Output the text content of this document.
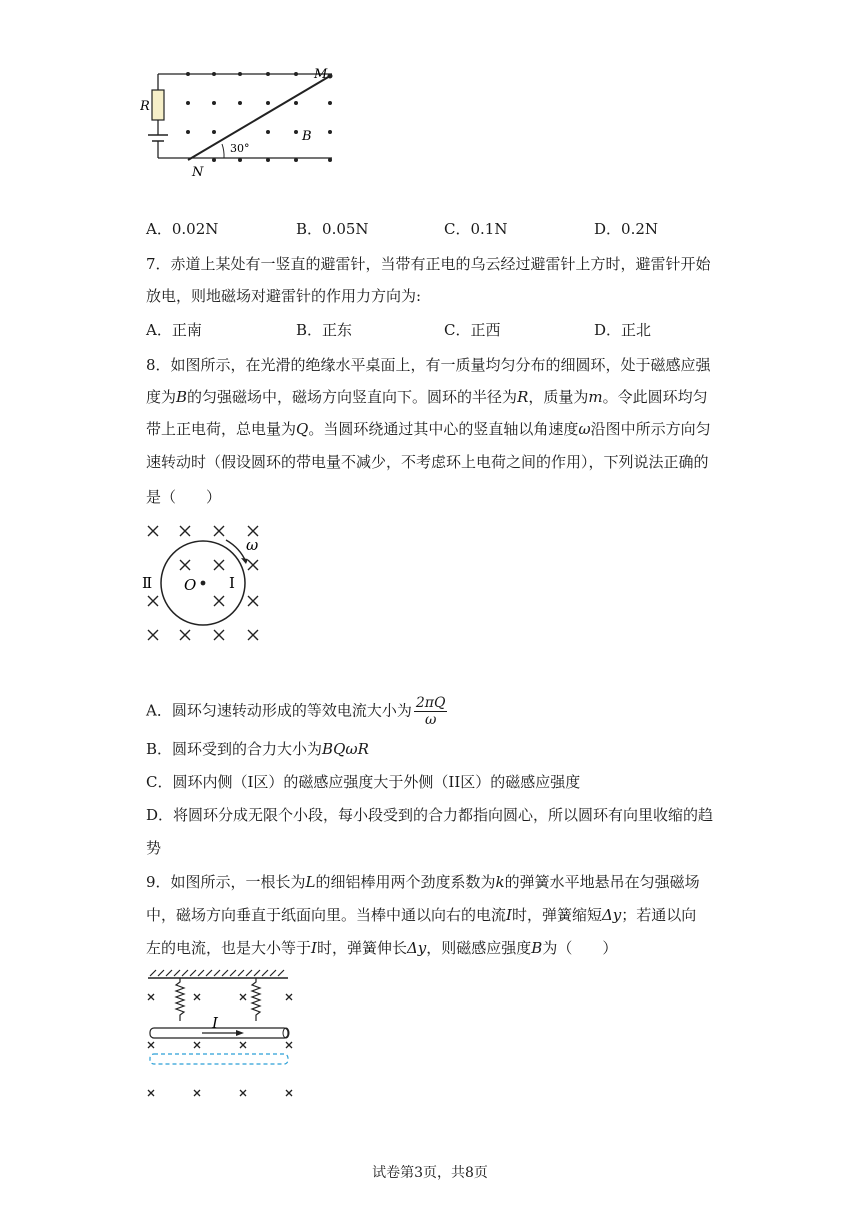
M
N
R
B
30°
A．0.02N	B．0.05N	C．0.1N	D．0.2N
7．赤道上某处有一竖直的避雷针，当带有正电的乌云经过避雷针上方时，避雷针开始
放电，则地磁场对避雷针的作用力方向为:
A．正南	B．正东	C．正西	D．正北
8．如图所示，在光滑的绝缘水平桌面上，有一质量均匀分布的细圆环，处于磁感应强
度为B的匀强磁场中，磁场方向竖直向下。圆环的半径为R，质量为m。令此圆环均匀
带上正电荷，总电量为Q。当圆环绕通过其中心的竖直轴以角速度ω沿图中所示方向匀
速转动时（假设圆环的带电量不减少，不考虑环上电荷之间的作用），下列说法正确的
是（　　）
ω
O Ⅰ
Ⅱ
A．圆环匀速转动形成的等效电流大小为 $\frac{2\pi Q}{\omega}$
B．圆环受到的合力大小为BQωR
C．圆环内侧（I区）的磁感应强度大于外侧（II区）的磁感应强度
D．将圆环分成无限个小段，每小段受到的合力都指向圆心，所以圆环有向里收缩的趋
势
9．如图所示，一根长为L的细铝棒用两个劲度系数为k的弹簧水平地悬吊在匀强磁场
中，磁场方向垂直于纸面向里。当棒中通以向右的电流I时，弹簧缩短Δy；若通以向
左的电流，也是大小等于I时，弹簧伸长Δy，则磁感应强度B为（　　）
I
试卷第3页，共8页
